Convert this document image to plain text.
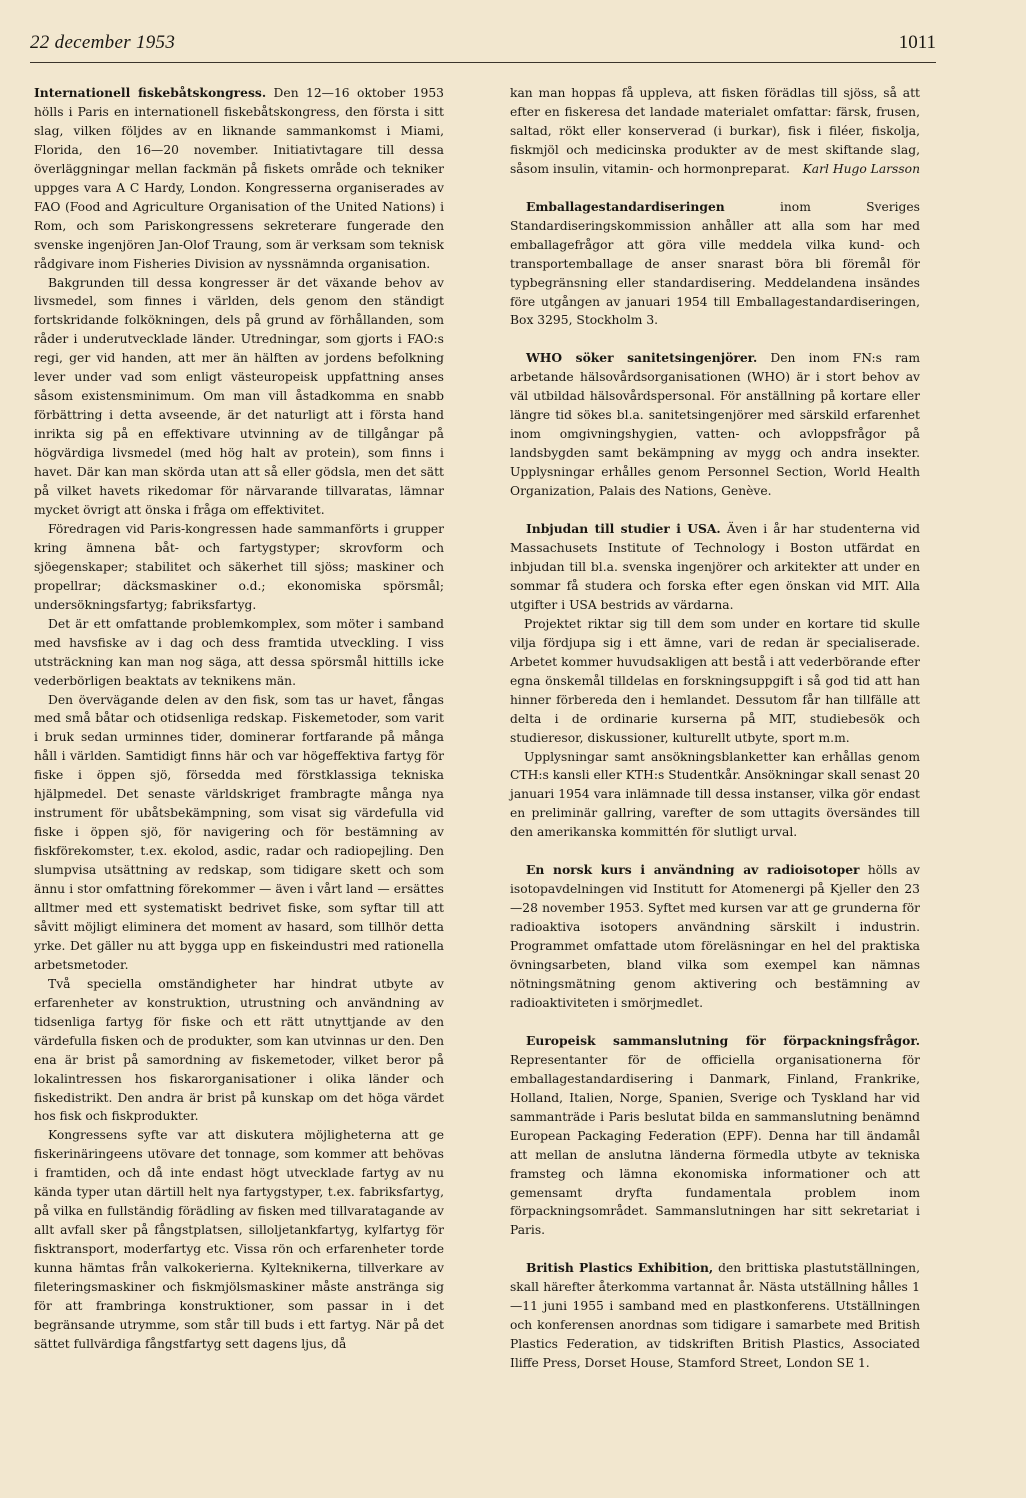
22 december 1953	1011

Internationell fiskebåtskongress. Den 12—16 oktober 1953 hölls i Paris en internationell fiskebåtskongress, den första i sitt slag, vilken följdes av en liknande sammankomst i Miami, Florida, den 16—20 november. Initiativtagare till dessa överläggningar mellan fackmän på fiskets område och tekniker uppges vara A C Hardy, London. Kongresserna organiserades av FAO (Food and Agriculture Organisation of the United Nations) i Rom, och som Pariskongressens sekreterare fungerade den svenske ingenjören Jan-Olof Traung, som är verksam som teknisk rådgivare inom Fisheries Division av nyssnämnda organisation.

Bakgrunden till dessa kongresser är det växande behov av livsmedel, som finnes i världen, dels genom den ständigt fortskridande folkökningen, dels på grund av förhållanden, som råder i underutvecklade länder. Utredningar, som gjorts i FAO:s regi, ger vid handen, att mer än hälften av jordens befolkning lever under vad som enligt västeuropeisk uppfattning anses såsom existensminimum. Om man vill åstadkomma en snabb förbättring i detta avseende, är det naturligt att i första hand inrikta sig på en effektivare utvinning av de tillgångar på högvärdiga livsmedel (med hög halt av protein), som finns i havet. Där kan man skörda utan att så eller gödsla, men det sätt på vilket havets rikedomar för närvarande tillvaratas, lämnar mycket övrigt att önska i fråga om effektivitet.

Föredragen vid Paris-kongressen hade sammanförts i grupper kring ämnena båt- och fartygstyper; skrovform och sjöegenskaper; stabilitet och säkerhet till sjöss; maskiner och propellrar; däcksmaskiner o.d.; ekonomiska spörsmål; undersökningsfartyg; fabriksfartyg.

Det är ett omfattande problemkomplex, som möter i samband med havsfiske av i dag och dess framtida utveckling. I viss utsträckning kan man nog säga, att dessa spörsmål hittills icke vederbörligen beaktats av teknikens män.

Den övervägande delen av den fisk, som tas ur havet, fångas med små båtar och otidsenliga redskap. Fiskemetoder, som varit i bruk sedan urminnes tider, dominerar fortfarande på många håll i världen. Samtidigt finns här och var högeffektiva fartyg för fiske i öppen sjö, försedda med förstklassiga tekniska hjälpmedel. Det senaste världskriget frambragte många nya instrument för ubåtsbekämpning, som visat sig värdefulla vid fiske i öppen sjö, för navigering och för bestämning av fiskförekomster, t.ex. ekolod, asdic, radar och radiopejling. Den slumpvisa utsättning av redskap, som tidigare skett och som ännu i stor omfattning förekommer — även i vårt land — ersättes alltmer med ett systematiskt bedrivet fiske, som syftar till att såvitt möjligt eliminera det moment av hasard, som tillhör detta yrke. Det gäller nu att bygga upp en fiskeindustri med rationella arbetsmetoder.

Två speciella omständigheter har hindrat utbyte av erfarenheter av konstruktion, utrustning och användning av tidsenliga fartyg för fiske och ett rätt utnyttjande av den värdefulla fisken och de produkter, som kan utvinnas ur den. Den ena är brist på samordning av fiskemetoder, vilket beror på lokalintressen hos fiskarorganisationer i olika länder och fiskedistrikt. Den andra är brist på kunskap om det höga värdet hos fisk och fiskprodukter.

Kongressens syfte var att diskutera möjligheterna att ge fiskerinäringeens utövare det tonnage, som kommer att behövas i framtiden, och då inte endast högt utvecklade fartyg av nu kända typer utan därtill helt nya fartygstyper, t.ex. fabriksfartyg, på vilka en fullständig förädling av fisken med tillvaratagande av allt avfall sker på fångstplatsen, silloljetankfartyg, kylfartyg för fisktransport, moderfartyg etc. Vissa rön och erfarenheter torde kunna hämtas från valkokerierna. Kylteknikerna, tillverkare av fileteringsmaskiner och fiskmjölsmaskiner måste anstränga sig för att frambringa konstruktioner, som passar in i det begränsande utrymme, som står till buds i ett fartyg. När på det sättet fullvärdiga fångstfartyg sett dagens ljus, då

kan man hoppas få uppleva, att fisken förädlas till sjöss, så att efter en fiskeresa det landade materialet omfattar: färsk, frusen, saltad, rökt eller konserverad (i burkar), fisk i filéer, fiskolja, fiskmjöl och medicinska produkter av de mest skiftande slag, såsom insulin, vitamin- och hormonpreparat. Karl Hugo Larsson

Emballagestandardiseringen inom Sveriges Standardiseringskommission anhåller att alla som har med emballagefrågor att göra ville meddela vilka kund- och transportemballage de anser snarast böra bli föremål för typbegränsning eller standardisering. Meddelandena insändes före utgången av januari 1954 till Emballagestandardiseringen, Box 3295, Stockholm 3.

WHO söker sanitetsingenjörer. Den inom FN:s ram arbetande hälsovårdsorganisationen (WHO) är i stort behov av väl utbildad hälsovårdspersonal. För anställning på kortare eller längre tid sökes bl.a. sanitetsingenjörer med särskild erfarenhet inom omgivningshygien, vatten- och avloppsfrågor på landsbygden samt bekämpning av mygg och andra insekter. Upplysningar erhålles genom Personnel Section, World Health Organization, Palais des Nations, Genève.

Inbjudan till studier i USA. Även i år har studenterna vid Massachusets Institute of Technology i Boston utfärdat en inbjudan till bl.a. svenska ingenjörer och arkitekter att under en sommar få studera och forska efter egen önskan vid MIT. Alla utgifter i USA bestrids av värdarna.

Projektet riktar sig till dem som under en kortare tid skulle vilja fördjupa sig i ett ämne, vari de redan är specialiserade. Arbetet kommer huvudsakligen att bestå i att vederbörande efter egna önskemål tilldelas en forskningsuppgift i så god tid att han hinner förbereda den i hemlandet. Dessutom får han tillfälle att delta i de ordinarie kurserna på MIT, studiebesök och studieresor, diskussioner, kulturellt utbyte, sport m.m.

Upplysningar samt ansökningsblanketter kan erhållas genom CTH:s kansli eller KTH:s Studentkår. Ansökningar skall senast 20 januari 1954 vara inlämnade till dessa instanser, vilka gör endast en preliminär gallring, varefter de som uttagits översändes till den amerikanska kommittén för slutligt urval.

En norsk kurs i användning av radioisotoper hölls av isotopavdelningen vid Institutt for Atomenergi på Kjeller den 23—28 november 1953. Syftet med kursen var att ge grunderna för radioaktiva isotopers användning särskilt i industrin. Programmet omfattade utom föreläsningar en hel del praktiska övningsarbeten, bland vilka som exempel kan nämnas nötningsmätning genom aktivering och bestämning av radioaktiviteten i smörjmedlet.

Europeisk sammanslutning för förpackningsfrågor. Representanter för de officiella organisationerna för emballagestandardisering i Danmark, Finland, Frankrike, Holland, Italien, Norge, Spanien, Sverige och Tyskland har vid sammanträde i Paris beslutat bilda en sammanslutning benämnd European Packaging Federation (EPF). Denna har till ändamål att mellan de anslutna länderna förmedla utbyte av tekniska framsteg och lämna ekonomiska informationer och att gemensamt dryfta fundamentala problem inom förpackningsområdet. Sammanslutningen har sitt sekretariat i Paris.

British Plastics Exhibition, den brittiska plastutställningen, skall härefter återkomma vartannat år. Nästa utställning hålles 1—11 juni 1955 i samband med en plastkonferens. Utställningen och konferensen anordnas som tidigare i samarbete med British Plastics Federation, av tidskriften British Plastics, Associated Iliffe Press, Dorset House, Stamford Street, London SE 1.
